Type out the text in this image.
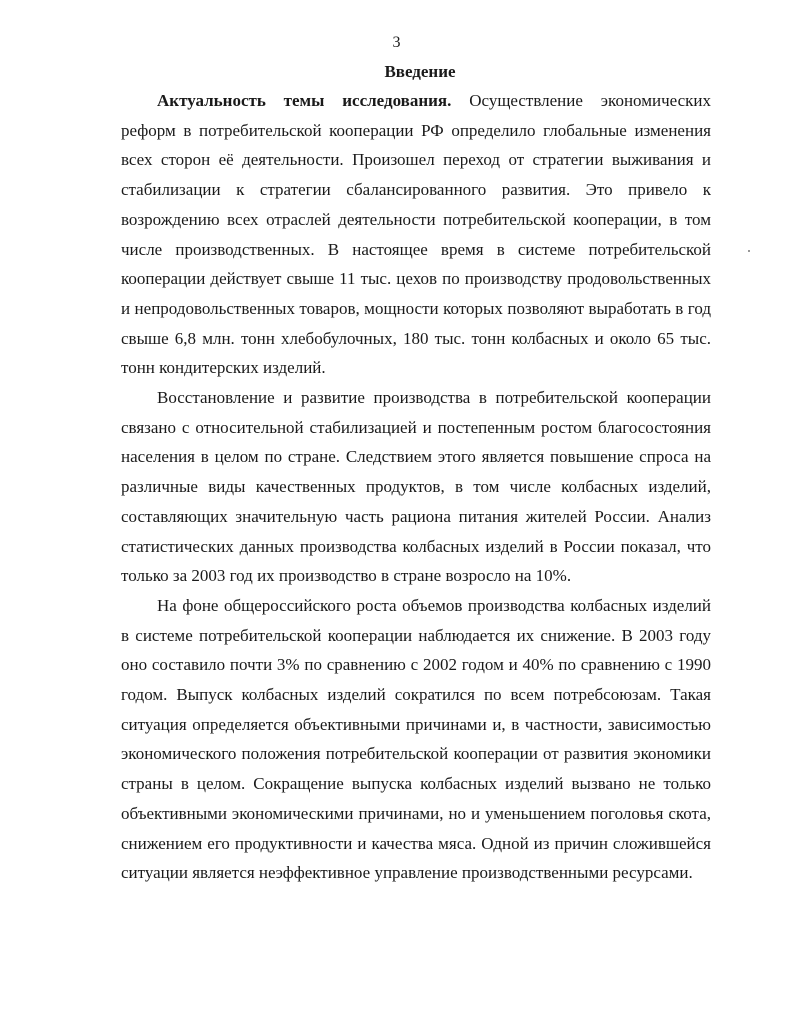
3
Введение

Актуальность темы исследования. Осуществление экономических реформ в потребительской кооперации РФ определило глобальные изменения всех сторон её деятельности. Произошел переход от стратегии выживания и стабилизации к стратегии сбалансированного развития. Это привело к возрождению всех отраслей деятельности потребительской кооперации, в том числе производственных. В настоящее время в системе потребительской кооперации действует свыше 11 тыс. цехов по производству продовольственных и непродовольственных товаров, мощности которых позволяют выработать в год свыше 6,8 млн. тонн хлебобулочных, 180 тыс. тонн колбасных и около 65 тыс. тонн кондитерских изделий.

Восстановление и развитие производства в потребительской кооперации связано с относительной стабилизацией и постепенным ростом благосостояния населения в целом по стране. Следствием этого является повышение спроса на различные виды качественных продуктов, в том числе колбасных изделий, составляющих значительную часть рациона питания жителей России. Анализ статистических данных производства колбасных изделий в России показал, что только за 2003 год их производство в стране возросло на 10%.

На фоне общероссийского роста объемов производства колбасных изделий в системе потребительской кооперации наблюдается их снижение. В 2003 году оно составило почти 3% по сравнению с 2002 годом и 40% по сравнению с 1990 годом. Выпуск колбасных изделий сократился по всем потребсоюзам. Такая ситуация определяется объективными причинами и, в частности, зависимостью экономического положения потребительской кооперации от развития экономики страны в целом. Сокращение выпуска колбасных изделий вызвано не только объективными экономическими причинами, но и уменьшением поголовья скота, снижением его продуктивности и качества мяса. Одной из причин сложившейся ситуации является неэффективное управление производственными ресурсами.
